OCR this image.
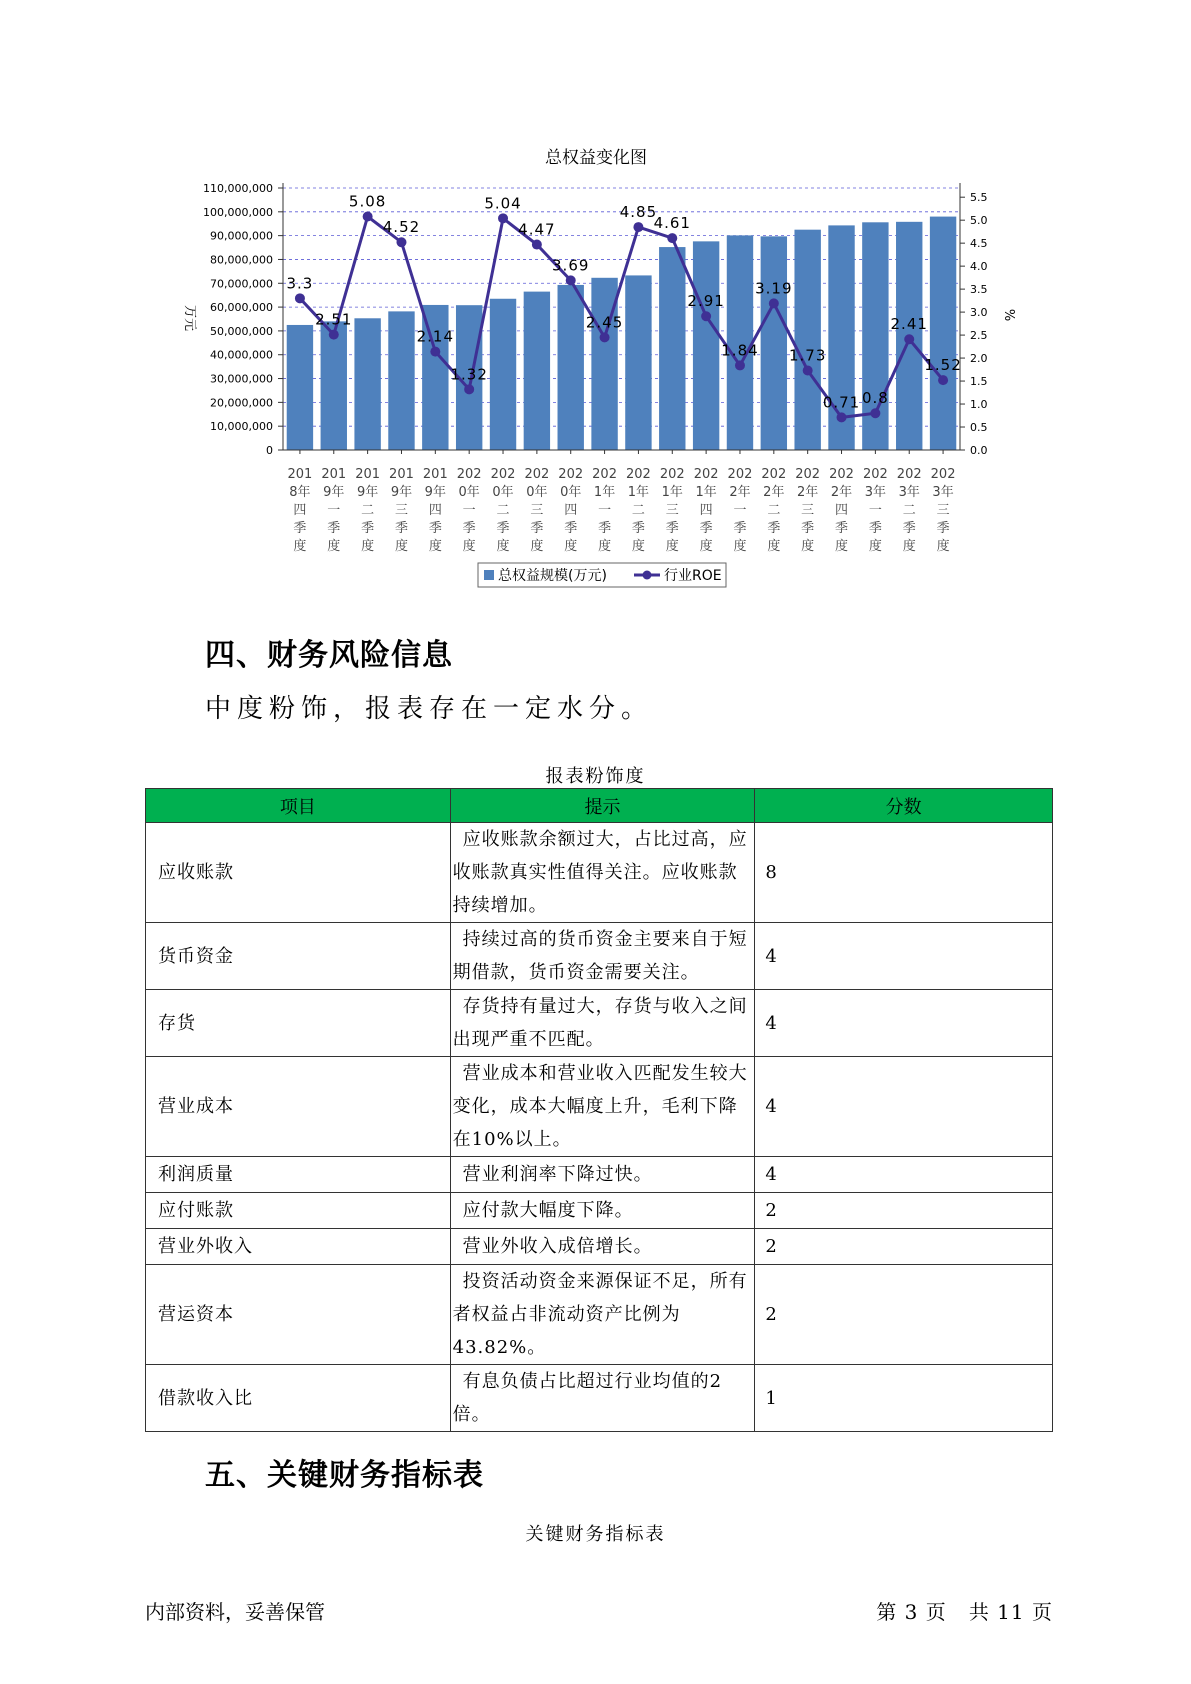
总权益变化图
0
10,000,000
20,000,000
30,000,000
40,000,000
50,000,000
60,000,000
70,000,000
80,000,000
90,000,000
100,000,000
110,000,000
0.0
0.5
1.0
1.5
2.0
2.5
3.0
3.5
4.0
4.5
5.0
5.5
3.3
2.51
5.08
4.52
2.14
1.32
5.04
4.47
3.69
2.45
4.85
4.61
2.91
1.84
3.19
1.73
0.71 0.8
2.41
1.52
201 8年四季度
201 9年一季度
201 9年二季度
201 9年三季度
201 9年四季度
202 0年一季度
202 0年二季度
202 0年三季度
202 0年四季度
202 1年一季度
202 1年二季度
202 1年三季度
202 1年四季度
202 2年一季度
202 2年二季度
202 2年三季度
202 2年四季度
202 3年一季度
202 3年二季度
202 3年三季度
万元	%
总权益规模(万元)	行业ROE
四、财务风险信息
中度粉饰，报表存在一定水分。
报表粉饰度
项目	提示	分数
应收账款	应收账款余额过大，占比过高，应收账款真实性值得关注。应收账款持续增加。	8
货币资金	持续过高的货币资金主要来自于短期借款，货币资金需要关注。	4
存货	存货持有量过大，存货与收入之间出现严重不匹配。	4
营业成本	营业成本和营业收入匹配发生较大变化，成本大幅度上升，毛利下降在10%以上。	4
利润质量	营业利润率下降过快。	4
应付账款	应付款大幅度下降。	2
营业外收入	营业外收入成倍增长。	2
营运资本	投资活动资金来源保证不足，所有者权益占非流动资产比例为43.82%。	2
借款收入比	有息负债占比超过行业均值的2倍。	1
五、关键财务指标表
关键财务指标表
内部资料，妥善保管	第 3 页   共 11 页
